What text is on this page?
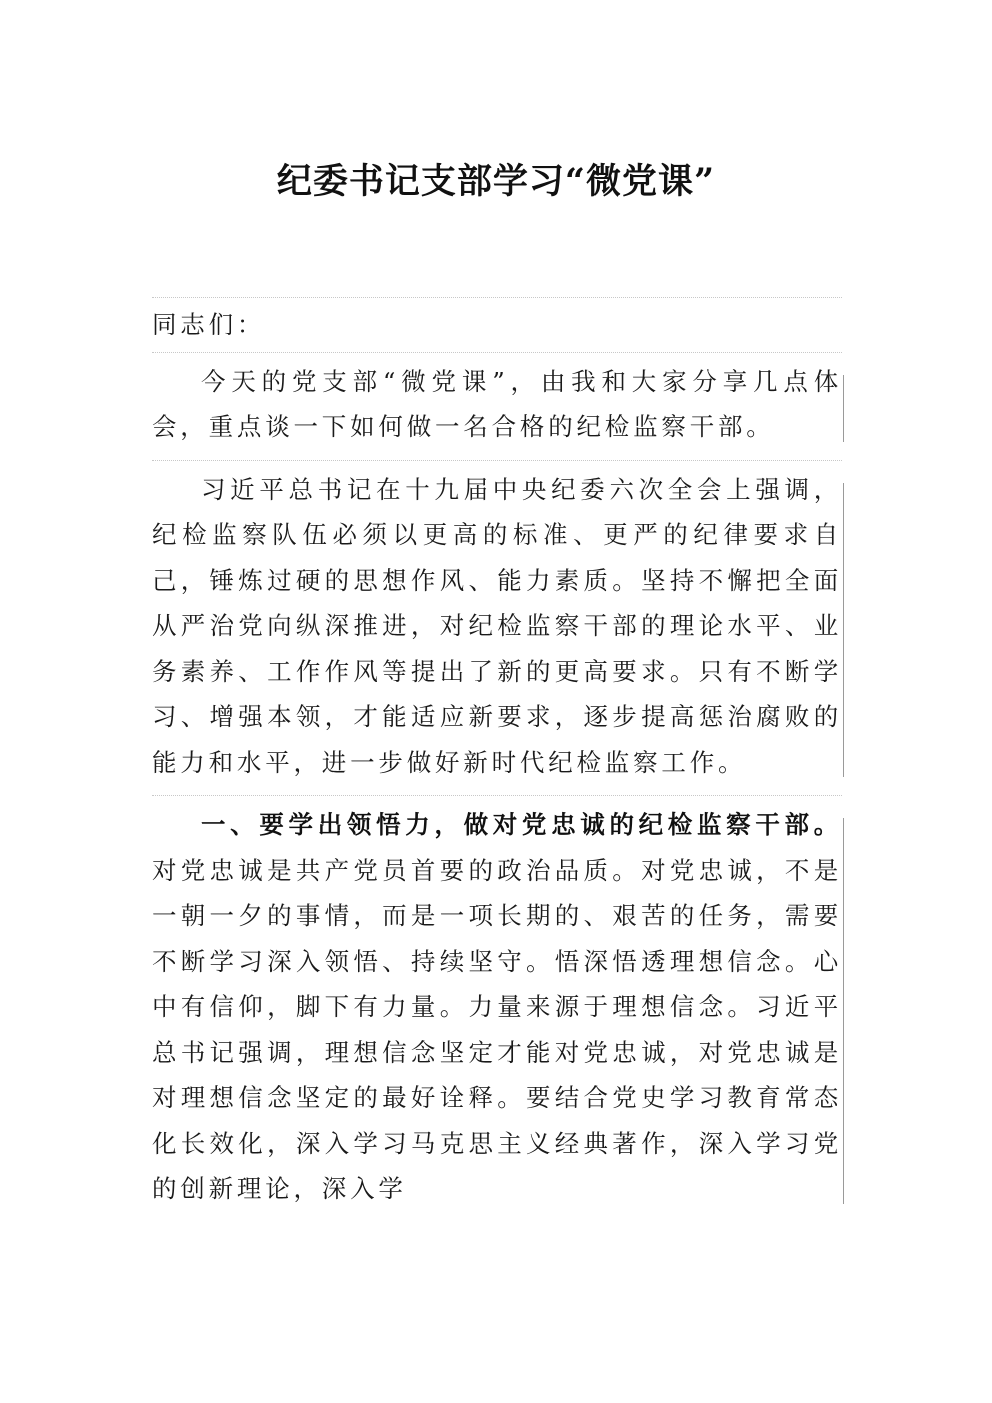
纪委书记支部学习“微党课”
同志们：
今天的党支部“微党课”，由我和大家分享几点体会，重点谈一下如何做一名合格的纪检监察干部。
习近平总书记在十九届中央纪委六次全会上强调，纪检监察队伍必须以更高的标准、更严的纪律要求自己，锤炼过硬的思想作风、能力素质。坚持不懈把全面从严治党向纵深推进，对纪检监察干部的理论水平、业务素养、工作作风等提出了新的更高要求。只有不断学习、增强本领，才能适应新要求，逐步提高惩治腐败的能力和水平，进一步做好新时代纪检监察工作。
一、要学出领悟力，做对党忠诚的纪检监察干部。对党忠诚是共产党员首要的政治品质。对党忠诚，不是一朝一夕的事情，而是一项长期的、艰苦的任务，需要不断学习深入领悟、持续坚守。悟深悟透理想信念。心中有信仰，脚下有力量。力量来源于理想信念。习近平总书记强调，理想信念坚定才能对党忠诚，对党忠诚是对理想信念坚定的最好诠释。要结合党史学习教育常态化长效化，深入学习马克思主义经典著作，深入学习党的创新理论，深入学
